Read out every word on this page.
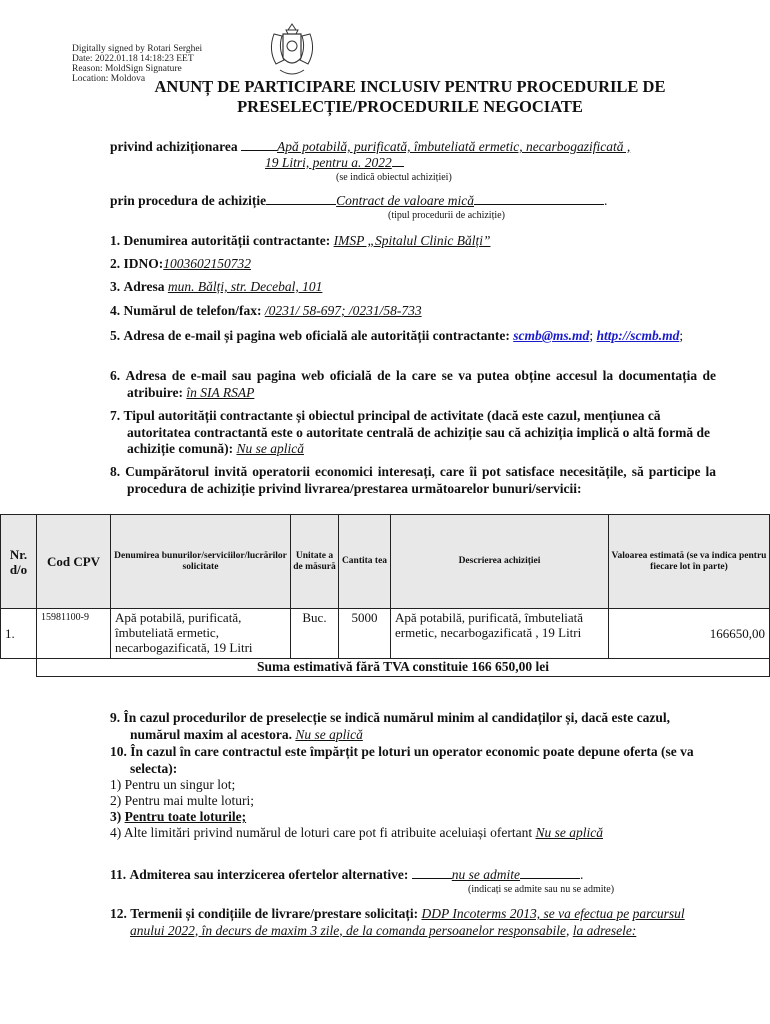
Digitally signed by Rotari Serghei
Date: 2022.01.18 14:18:23 EET
Reason: MoldSign Signature
Location: Moldova ANUNȚ DE PARTICIPARE INCLUSIV PENTRU PROCEDURILE DE
PRESELECȚIE/PROCEDURILE NEGOCIATE
privind achiziționarea	Apă potabilă, purificată, îmbuteliată ermetic, necarbogazificată ,
19 Litri, pentru a. 2022
(se indică obiectul achiziției)
prin procedura de achiziție	Contract de valoare mică	.
(tipul procedurii de achiziție)
1. Denumirea autorității contractante: IMSP „Spitalul Clinic Bălți”
2. IDNO:1003602150732
3. Adresa mun. Bălți, str. Decebal, 101
4. Numărul de telefon/fax: /0231/ 58-697; /0231/58-733
5. Adresa de e-mail și pagina web oficială ale autorității contractante: scmb@ms.md; http://scmb.md;
6. Adresa de e-mail sau pagina web oficială de la care se va putea obține accesul la documentația de atribuire: în SIA RSAP
7. Tipul autorității contractante și obiectul principal de activitate (dacă este cazul, mențiunea că autoritatea contractantă este o autoritate centrală de achiziție sau că achiziția implică o altă formă de achiziție comună): Nu se aplică
8. Cumpărătorul invită operatorii economici interesați, care îi pot satisface necesitățile, să participe la procedura de achiziție privind livrarea/prestarea următoarelor bunuri/servicii:
Nr. d/o	Cod CPV	Denumirea bunurilor/serviciilor/lucrărilor solicitate	Unitate a de măsură	Cantita tea	Descrierea achiziției	Valoarea estimată (se va indica pentru fiecare lot în parte)
1.	15981100-9	Apă potabilă, purificată, îmbuteliată ermetic, necarbogazificată, 19 Litri	Buc.	5000	Apă potabilă, purificată, îmbuteliată ermetic, necarbogazificată , 19 Litri	166650,00
	Suma estimativă fără TVA constituie 166 650,00 lei					
9. În cazul procedurilor de preselecție se indică numărul minim al candidaților și, dacă este cazul, numărul maxim al acestora. Nu se aplică
10. În cazul în care contractul este împărțit pe loturi un operator economic poate depune oferta (se va selecta):
1) Pentru un singur lot;
2) Pentru mai multe loturi;
3) Pentru toate loturile;
4) Alte limitări privind numărul de loturi care pot fi atribuite aceluiași ofertant Nu se aplică
11. Admiterea sau interzicerea ofertelor alternative:	nu se admite	.
(indicați se admite sau nu se admite)
12. Termenii și condițiile de livrare/prestare solicitați: DDP Incoterms 2013, se va efectua pe parcursul anului 2022, în decurs de maxim 3 zile, de la comanda persoanelor responsabile, la adresele:
